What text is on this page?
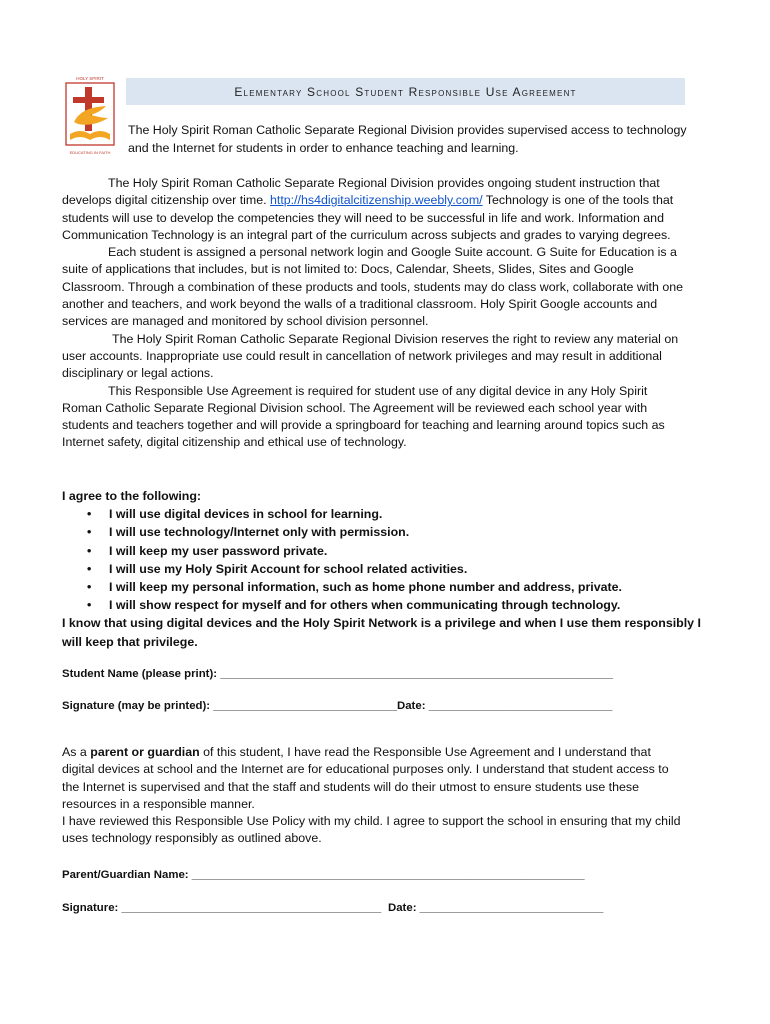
HOLY SPIRIT
EDUCATING IN FAITH
Elementary School Student Responsible Use Agreement

The Holy Spirit Roman Catholic Separate Regional Division provides supervised access to technology and the Internet for students in order to enhance teaching and learning.

The Holy Spirit Roman Catholic Separate Regional Division provides ongoing student instruction that develops digital citizenship over time. http://hs4digitalcitizenship.weebly.com/ Technology is one of the tools that students will use to develop the competencies they will need to be successful in life and work. Information and Communication Technology is an integral part of the curriculum across subjects and grades to varying degrees.

Each student is assigned a personal network login and Google Suite account. G Suite for Education is a suite of applications that includes, but is not limited to: Docs, Calendar, Sheets, Slides, Sites and Google Classroom. Through a combination of these products and tools, students may do class work, collaborate with one another and teachers, and work beyond the walls of a traditional classroom. Holy Spirit Google accounts and services are managed and monitored by school division personnel.

The Holy Spirit Roman Catholic Separate Regional Division reserves the right to review any material on user accounts. Inappropriate use could result in cancellation of network privileges and may result in additional disciplinary or legal actions.

This Responsible Use Agreement is required for student use of any digital device in any Holy Spirit Roman Catholic Separate Regional Division school. The Agreement will be reviewed each school year with students and teachers together and will provide a springboard for teaching and learning around topics such as Internet safety, digital citizenship and ethical use of technology.

I agree to the following:

• I will use digital devices in school for learning.
• I will use technology/Internet only with permission.
• I will keep my user password private.
• I will use my Holy Spirit Account for school related activities.
• I will keep my personal information, such as home phone number and address, private.
• I will show respect for myself and for others when communicating through technology.

I know that using digital devices and the Holy Spirit Network is a privilege and when I use them responsibly I will keep that privilege.

Student Name (please print): ______________________________________________________________
Signature (may be printed): _____________________________ Date: _____________________________

As a parent or guardian of this student, I have read the Responsible Use Agreement and I understand that digital devices at school and the Internet are for educational purposes only. I understand that student access to the Internet is supervised and that the staff and students will do their utmost to ensure students use these resources in a responsible manner.

I have reviewed this Responsible Use Policy with my child. I agree to support the school in ensuring that my child uses technology responsibly as outlined above.

Parent/Guardian Name: ______________________________________________________________
Signature: _________________________________________ Date: _____________________________
